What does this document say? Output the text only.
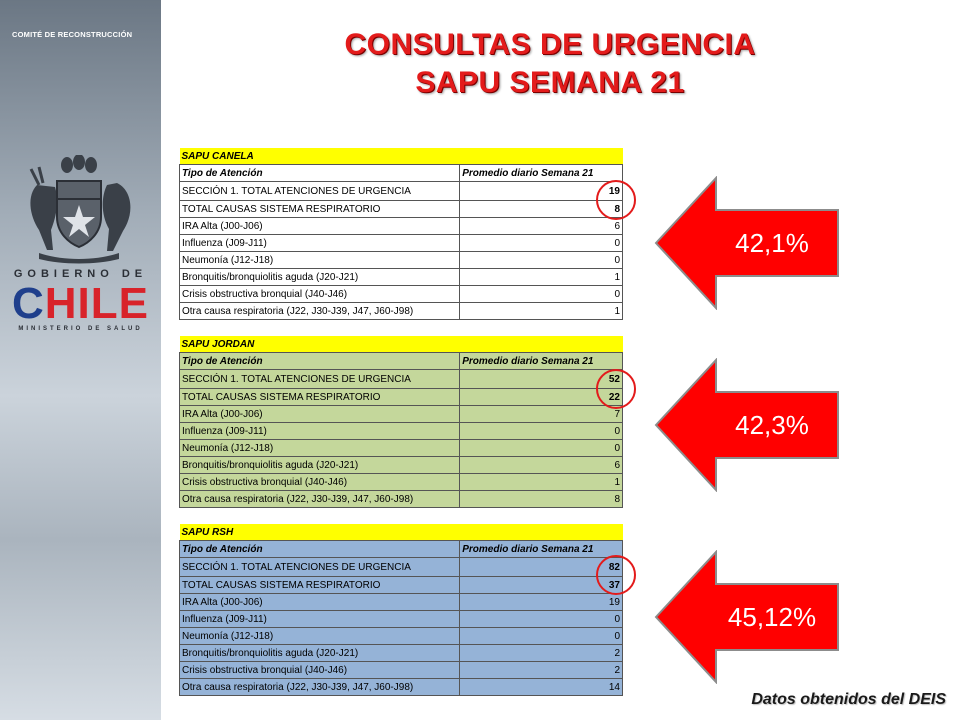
COMITÉ DE RECONSTRUCCIÓN
GOBIERNO DE
CHILE
MINISTERIO DE SALUD
CONSULTAS DE URGENCIA
SAPU SEMANA 21
SAPU CANELA	
Tipo de Atención	Promedio diario Semana 21
SECCIÓN 1. TOTAL ATENCIONES DE URGENCIA	19
TOTAL CAUSAS SISTEMA RESPIRATORIO	8
IRA Alta (J00-J06)	6
Influenza (J09-J11)	0
Neumonía (J12-J18)	0
Bronquitis/bronquiolitis aguda (J20-J21)	1
Crisis obstructiva bronquial (J40-J46)	0
Otra causa respiratoria (J22, J30-J39, J47, J60-J98)	1
SAPU JORDAN	
Tipo de Atención	Promedio diario Semana 21
SECCIÓN 1. TOTAL ATENCIONES DE URGENCIA	52
TOTAL CAUSAS SISTEMA RESPIRATORIO	22
IRA Alta (J00-J06)	7
Influenza (J09-J11)	0
Neumonía (J12-J18)	0
Bronquitis/bronquiolitis aguda (J20-J21)	6
Crisis obstructiva bronquial (J40-J46)	1
Otra causa respiratoria (J22, J30-J39, J47, J60-J98)	8
SAPU RSH	
Tipo de Atención	Promedio diario Semana 21
SECCIÓN 1. TOTAL ATENCIONES DE URGENCIA	82
TOTAL CAUSAS SISTEMA RESPIRATORIO	37
IRA Alta (J00-J06)	19
Influenza (J09-J11)	0
Neumonía (J12-J18)	0
Bronquitis/bronquiolitis aguda (J20-J21)	2
Crisis obstructiva bronquial (J40-J46)	2
Otra causa respiratoria (J22, J30-J39, J47, J60-J98)	14
42,1%
42,3%
45,12%
Datos obtenidos del DEIS
